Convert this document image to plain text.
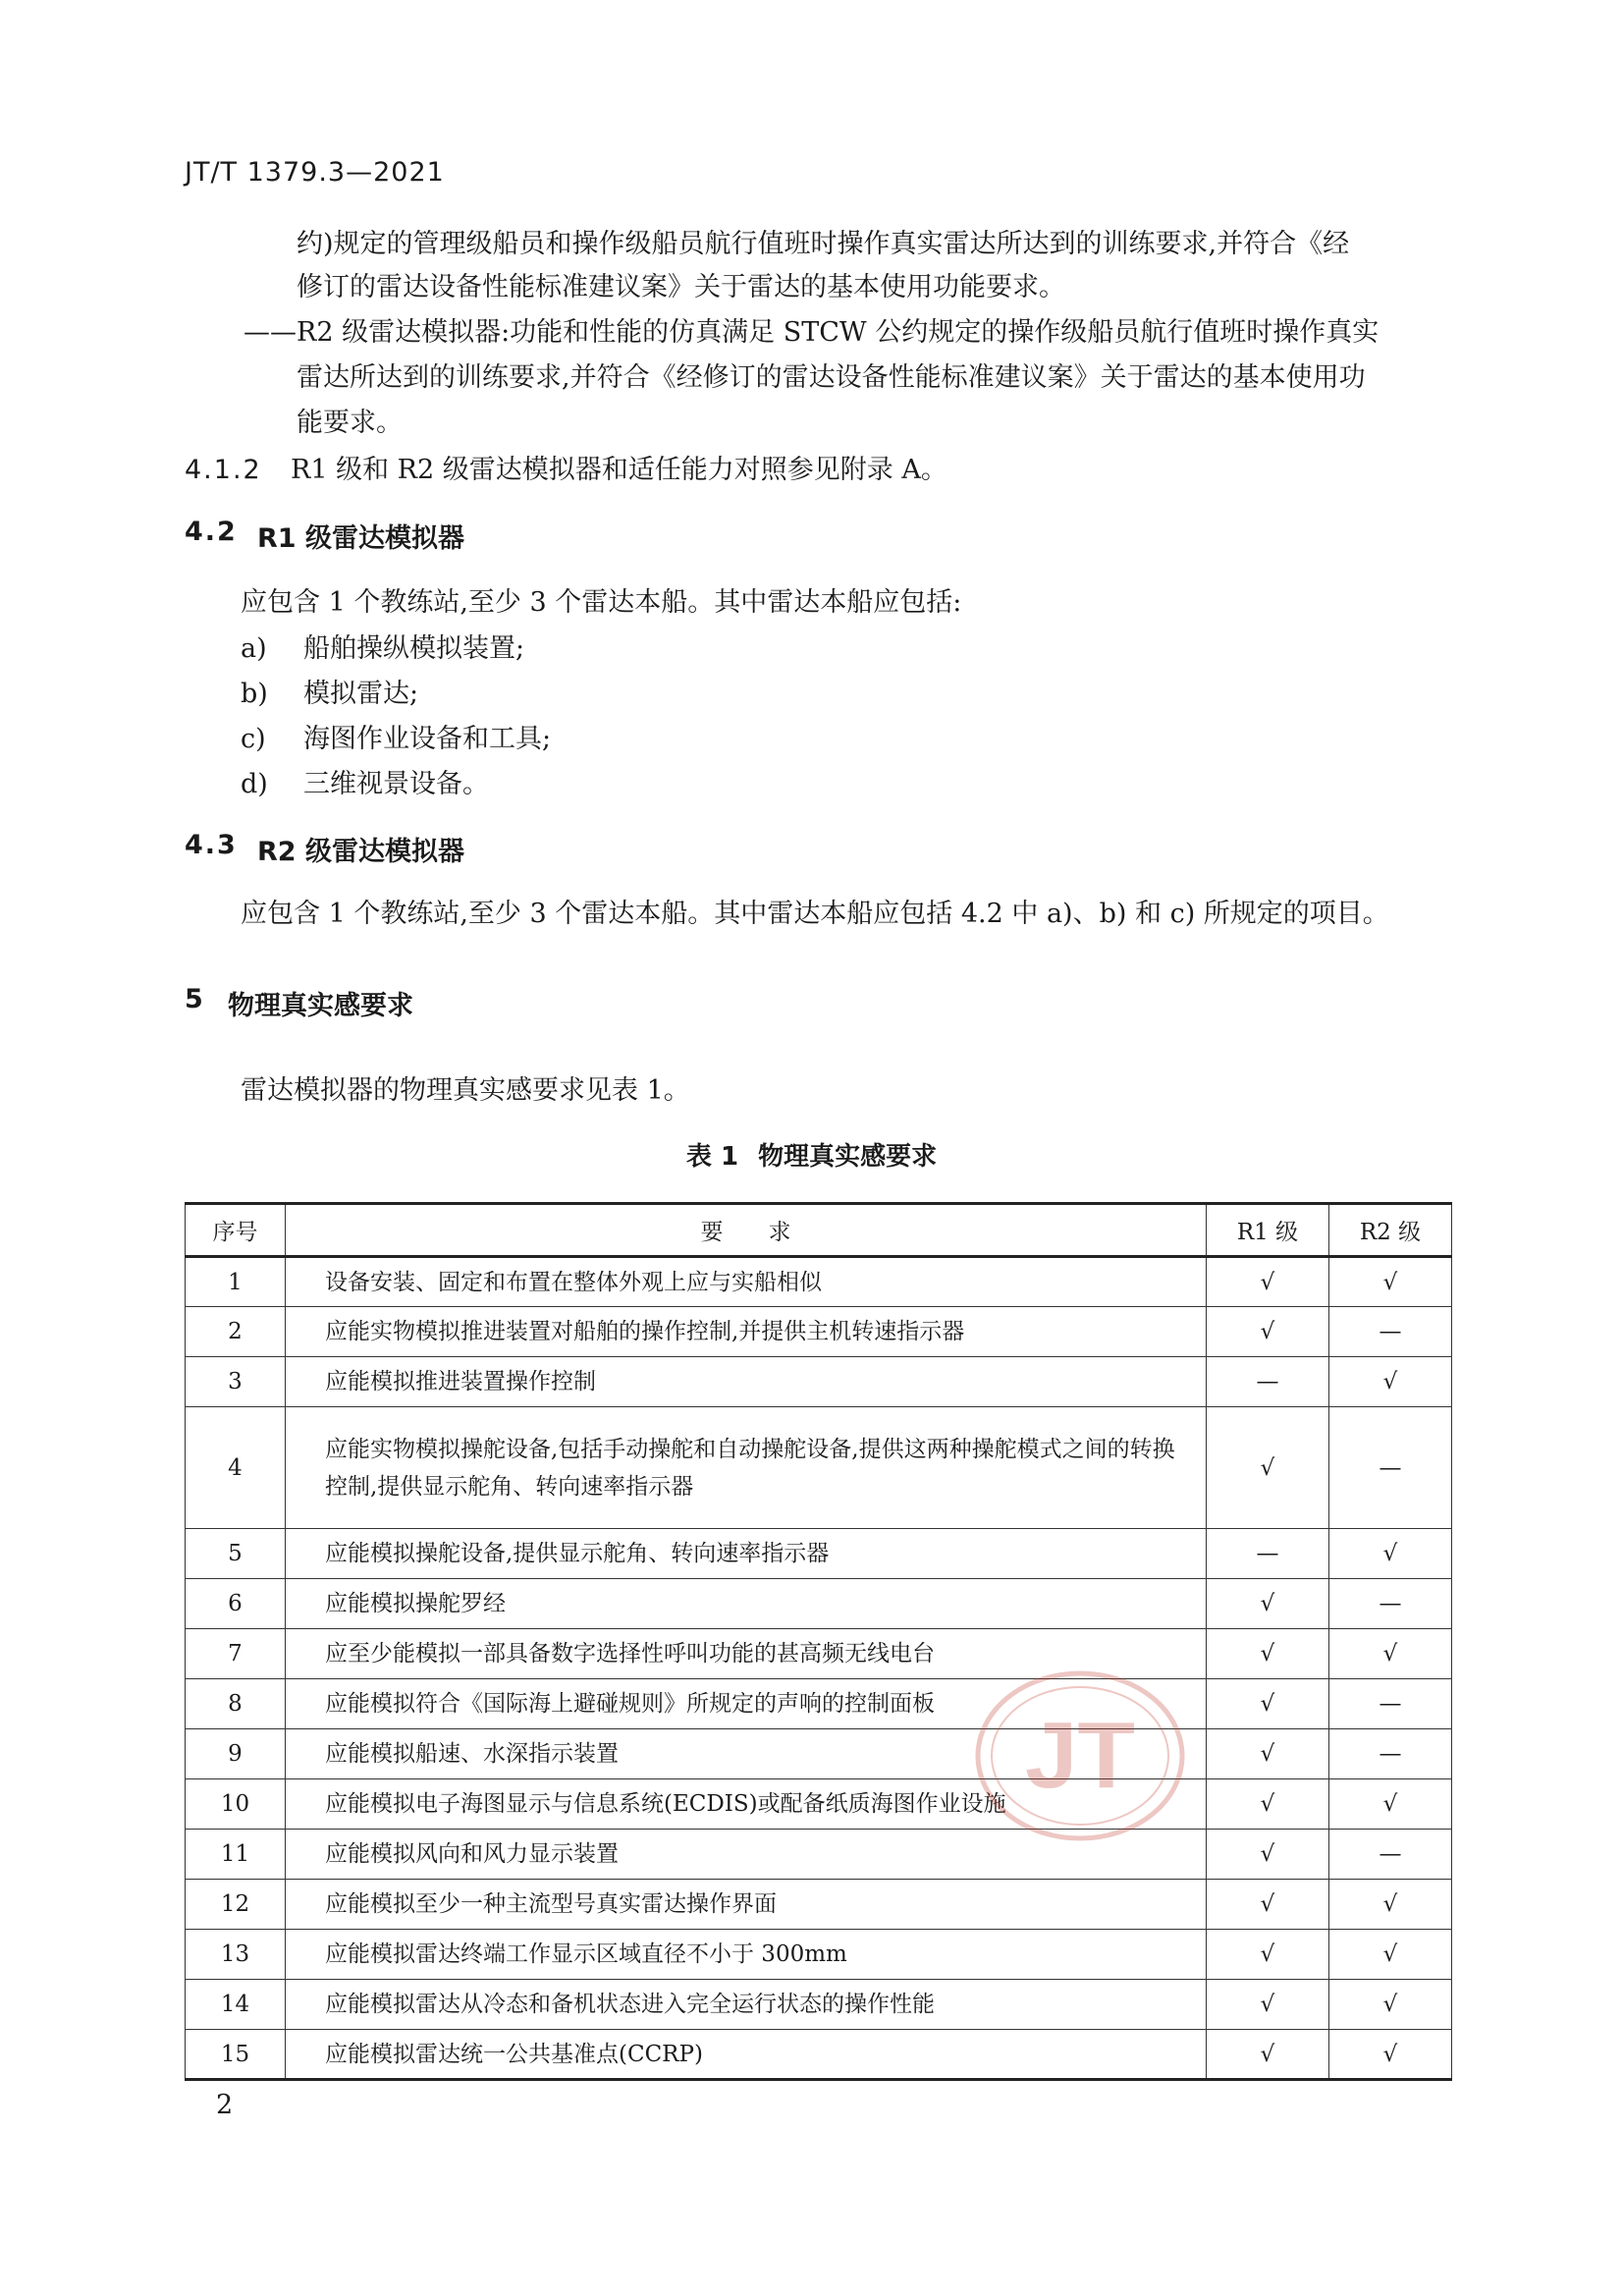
JT/T 1379.3—2021

约)规定的管理级船员和操作级船员航行值班时操作真实雷达所达到的训练要求,并符合《经

修订的雷达设备性能标准建议案》关于雷达的基本使用功能要求。

——R2 级雷达模拟器:功能和性能的仿真满足 STCW 公约规定的操作级船员航行值班时操作真实

雷达所达到的训练要求,并符合《经修订的雷达设备性能标准建议案》关于雷达的基本使用功

能要求。

4.1.2 R1 级和 R2 级雷达模拟器和适任能力对照参见附录 A。

4.2 R1 级雷达模拟器

应包含 1 个教练站,至少 3 个雷达本船。其中雷达本船应包括:

a) 船舶操纵模拟装置;

b) 模拟雷达;

c) 海图作业设备和工具;

d) 三维视景设备。

4.3 R2 级雷达模拟器

应包含 1 个教练站,至少 3 个雷达本船。其中雷达本船应包括 4.2 中 a)、b) 和 c) 所规定的项目。

5 物理真实感要求

雷达模拟器的物理真实感要求见表 1。

表 1 物理真实感要求

序号	要　　求	R1 级	R2 级
1	设备安装、固定和布置在整体外观上应与实船相似	√	√
2	应能实物模拟推进装置对船舶的操作控制,并提供主机转速指示器	√	—
3	应能模拟推进装置操作控制	—	√
4	应能实物模拟操舵设备,包括手动操舵和自动操舵设备,提供这两种操舵模式之间的转换控制,提供显示舵角、转向速率指示器	√	—
5	应能模拟操舵设备,提供显示舵角、转向速率指示器	—	√
6	应能模拟操舵罗经	√	—
7	应至少能模拟一部具备数字选择性呼叫功能的甚高频无线电台	√	√
8	应能模拟符合《国际海上避碰规则》所规定的声响的控制面板	√	—
9	应能模拟船速、水深指示装置	√	—
10	应能模拟电子海图显示与信息系统(ECDIS)或配备纸质海图作业设施	√	√
11	应能模拟风向和风力显示装置	√	—
12	应能模拟至少一种主流型号真实雷达操作界面	√	√
13	应能模拟雷达终端工作显示区域直径不小于 300mm	√	√
14	应能模拟雷达从冷态和备机状态进入完全运行状态的操作性能	√	√
15	应能模拟雷达统一公共基准点(CCRP)	√	√
JT

2
